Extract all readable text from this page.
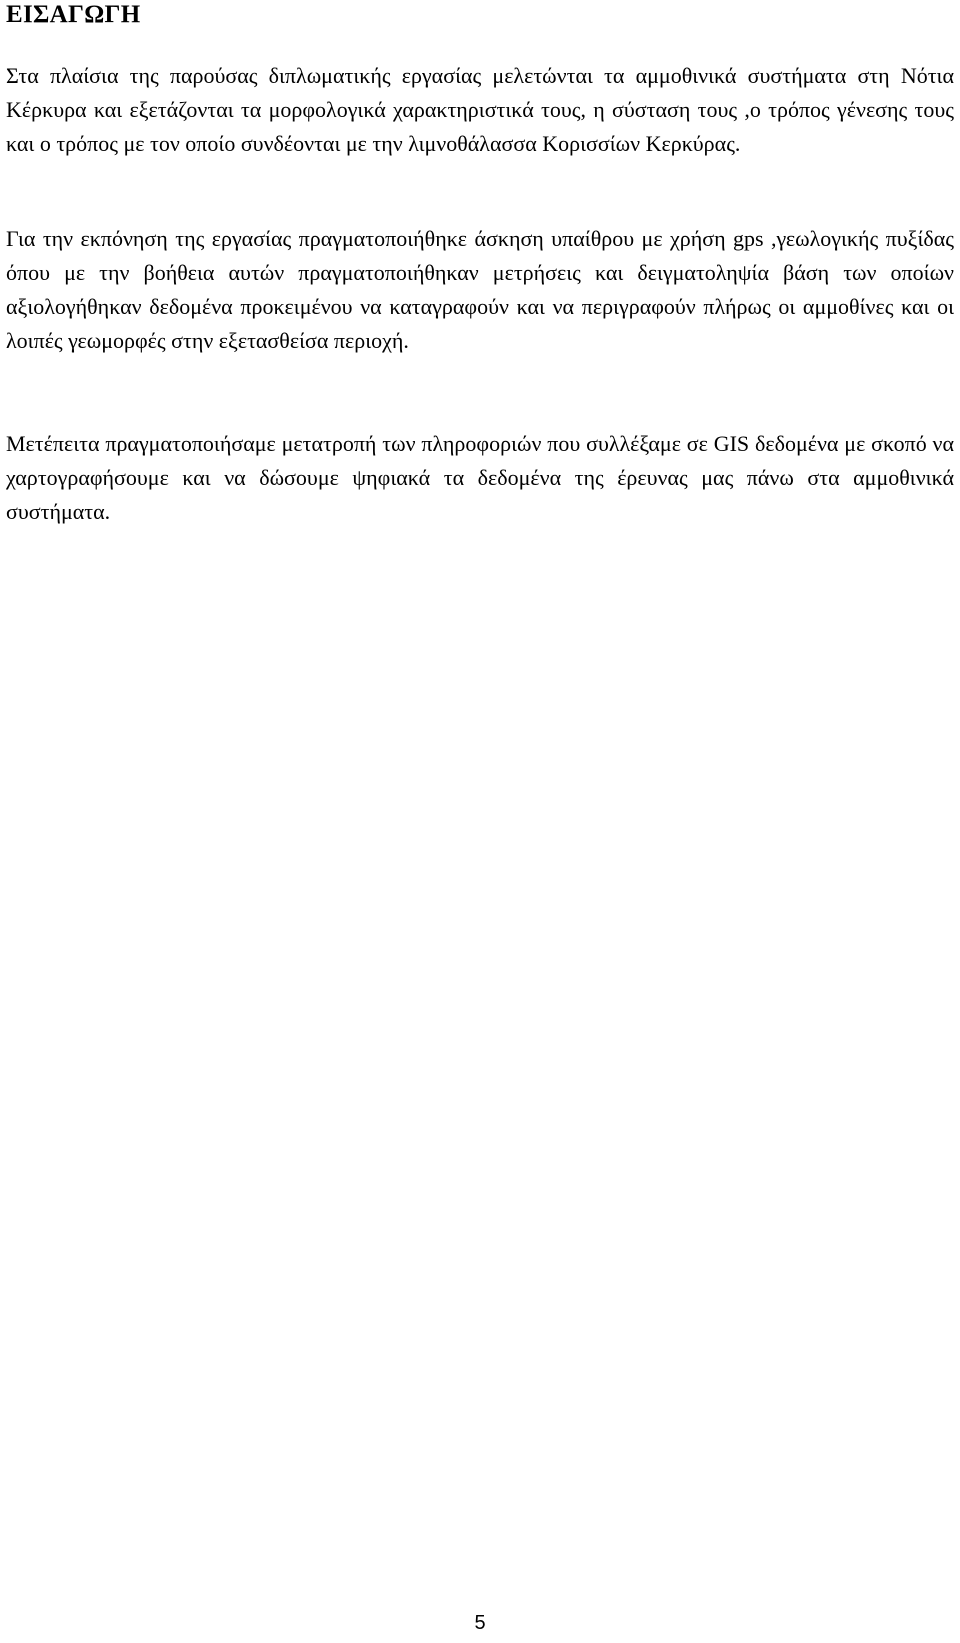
ΕΙΣΑΓΩΓΗ

Στα πλαίσια της παρούσας διπλωματικής εργασίας μελετώνται τα αμμοθινικά συστήματα στη Νότια Κέρκυρα και εξετάζονται τα μορφολογικά χαρακτηριστικά τους, η σύσταση τους ,ο τρόπος γένεσης τους και ο τρόπος με τον οποίο συνδέονται με την λιμνοθάλασσα Κορισσίων Κερκύρας.

Για την εκπόνηση της εργασίας πραγματοποιήθηκε άσκηση υπαίθρου με χρήση gps ,γεωλογικής πυξίδας όπου με την βοήθεια αυτών πραγματοποιήθηκαν μετρήσεις και δειγματοληψία βάση των οποίων αξιολογήθηκαν δεδομένα προκειμένου να καταγραφούν και να περιγραφούν πλήρως οι αμμοθίνες και οι λοιπές γεωμορφές στην εξετασθείσα περιοχή.

Μετέπειτα πραγματοποιήσαμε μετατροπή των πληροφοριών που συλλέξαμε σε GIS δεδομένα με σκοπό να χαρτογραφήσουμε και να δώσουμε ψηφιακά τα δεδομένα της έρευνας μας πάνω στα αμμοθινικά συστήματα.

5
